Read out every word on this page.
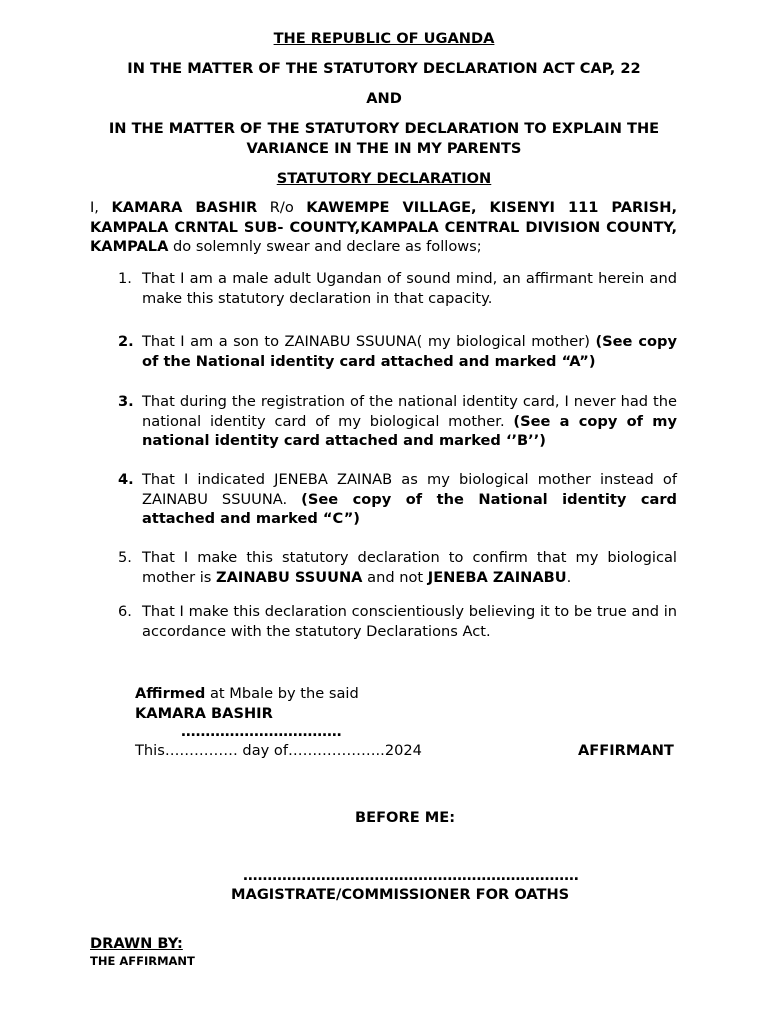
THE REPUBLIC OF UGANDA
IN THE MATTER OF THE STATUTORY DECLARATION ACT CAP, 22
AND
IN THE MATTER OF THE STATUTORY DECLARATION TO EXPLAIN THE
VARIANCE IN THE IN MY PARENTS
STATUTORY DECLARATION
I, KAMARA BASHIR R/o KAWEMPE VILLAGE, KISENYI 111 PARISH, KAMPALA CRNTAL SUB- COUNTY,KAMPALA CENTRAL DIVISION COUNTY, KAMPALA do solemnly swear and declare as follows;
1. That I am a male adult Ugandan of sound mind, an affirmant herein and make this statutory declaration in that capacity.
2. That I am a son to ZAINABU SSUUNA( my biological mother) (See copy of the National identity card attached and marked “A”)
3. That during the registration of the national identity card, I never had the national identity card of my biological mother. (See a copy of my national identity card attached and marked ‘’B’’)
4. That I indicated JENEBA ZAINAB as my biological mother instead of ZAINABU SSUUNA. (See copy of the National identity card attached and marked “C”)
5. That I make this statutory declaration to confirm that my biological mother is ZAINABU SSUUNA and not JENEBA ZAINABU.
6. That I make this declaration conscientiously believing it to be true and in accordance with the statutory Declarations Act.
Affirmed at Mbale by the said
KAMARA BASHIR
……………………………
This…………… day of………………..2024	AFFIRMANT
BEFORE ME:
……………………………………………………………
MAGISTRATE/COMMISSIONER FOR OATHS
DRAWN BY:
THE AFFIRMANT
